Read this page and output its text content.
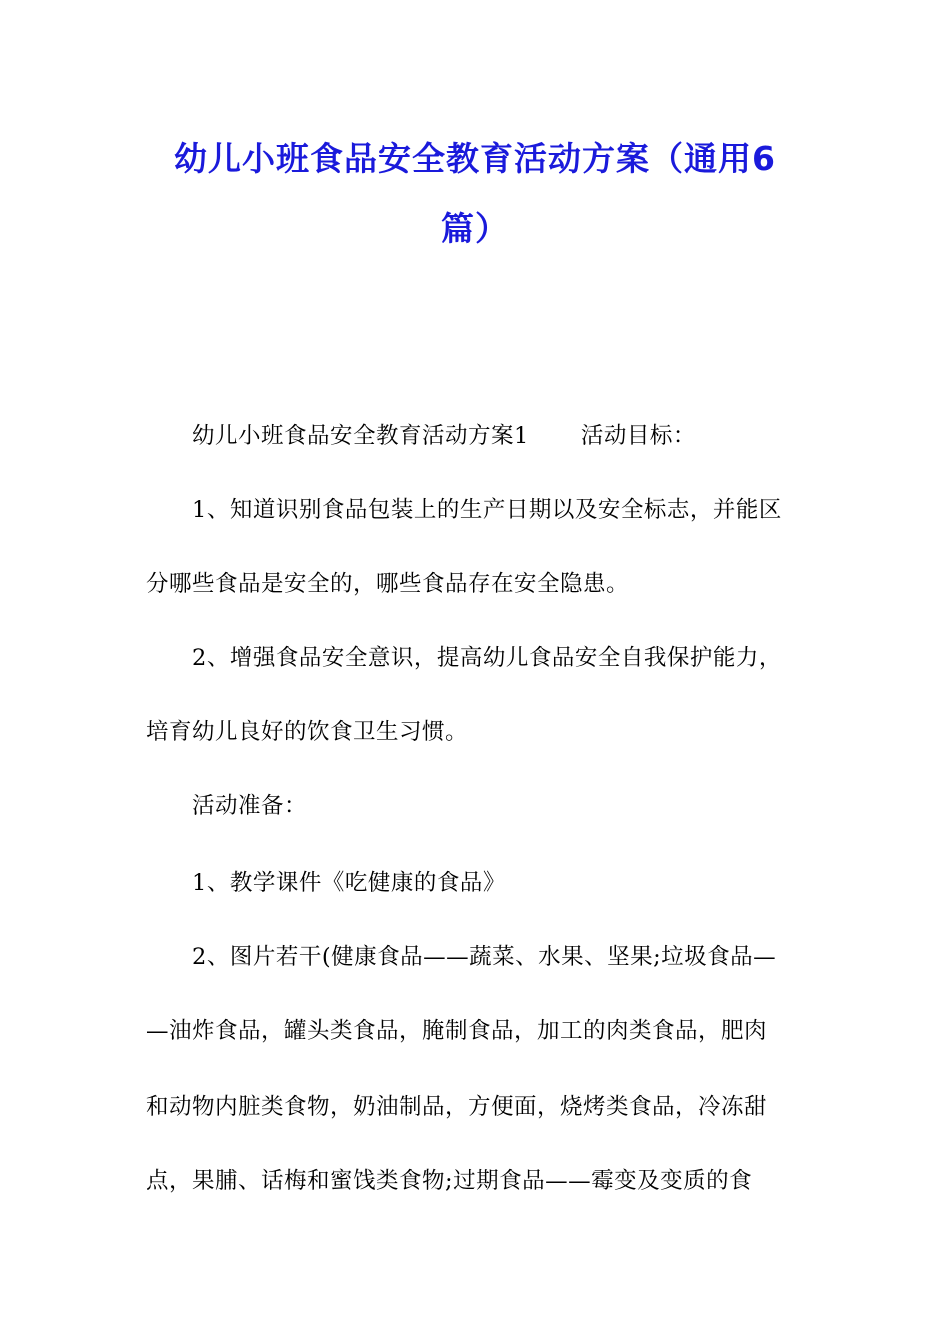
幼儿小班食品安全教育活动方案（通用6
篇）
幼儿小班食品安全教育活动方案1 活动目标：
1、知道识别食品包装上的生产日期以及安全标志，并能区
分哪些食品是安全的，哪些食品存在安全隐患。
2、增强食品安全意识，提高幼儿食品安全自我保护能力，
培育幼儿良好的饮食卫生习惯。
活动准备：
1、教学课件《吃健康的食品》
2、图片若干(健康食品——蔬菜、水果、坚果;垃圾食品—
—油炸食品，罐头类食品，腌制食品，加工的肉类食品，肥肉
和动物内脏类食物，奶油制品，方便面，烧烤类食品，冷冻甜
点，果脯、话梅和蜜饯类食物;过期食品——霉变及变质的食
